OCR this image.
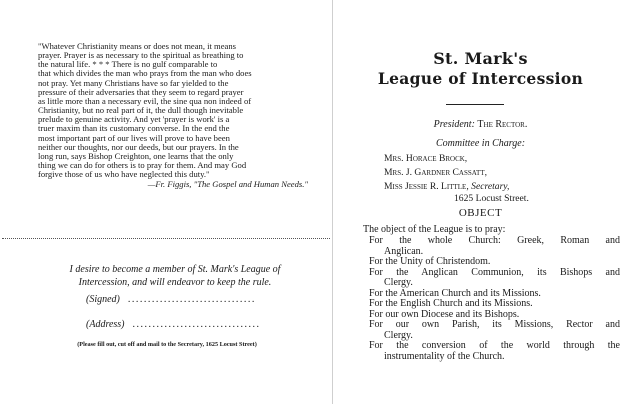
"Whatever Christianity means or does not mean, it means
prayer. Prayer is as necessary to the spiritual as breathing to
the natural life. * * * There is no gulf comparable to
that which divides the man who prays from the man who does
not pray. Yet many Christians have so far yielded to the
pressure of their adversaries that they seem to regard prayer
as little more than a necessary evil, the sine qua non indeed of
Christianity, but no real part of it, the dull though inevitable
prelude to genuine activity. And yet 'prayer is work' is a
truer maxim than its customary converse. In the end the
most important part of our lives will prove to have been
neither our thoughts, nor our deeds, but our prayers. In the
long run, says Bishop Creighton, one learns that the only
thing we can do for others is to pray for them. And may God
forgive those of us who have neglected this duty."
—Fr. Figgis, "The Gospel and Human Needs."
I desire to become a member of St. Mark's League of Intercession, and will endeavor to keep the rule.
(Signed) ................................
(Address) ................................
(Please fill out, cut off and mail to the Secretary, 1625 Locust Street)
St. Mark's
League of Intercession
President: The Rector.
Committee in Charge:
Mrs. Horace Brock,
Mrs. J. Gardner Cassatt,
Miss Jessie R. Little, Secretary,
1625 Locust Street.
OBJECT
The object of the League is to pray:
For the whole Church: Greek, Roman and
Anglican.
For the Unity of Christendom.
For the Anglican Communion, its Bishops and
Clergy.
For the American Church and its Missions.
For the English Church and its Missions.
For our own Diocese and its Bishops.
For our own Parish, its Missions, Rector and
Clergy.
For the conversion of the world through the
instrumentality of the Church.
